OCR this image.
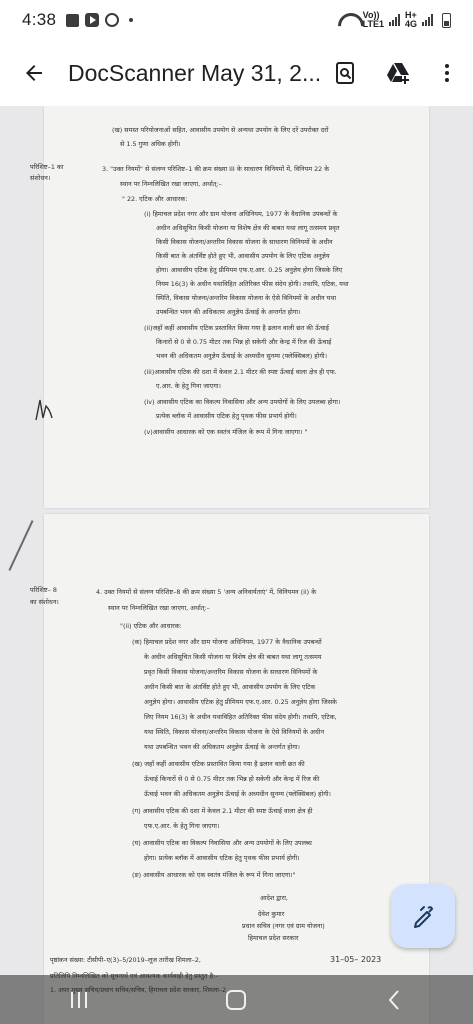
4:38	Vo))
LTE1
H+
4G
DocScanner May 31, 2...
(ख) समस्त परियोजनाओं सहित, आवासीय उपयोग से अन्यथा उपयोग के लिए दरें उपरोक्त दरों
से 1.5 गुणा अधिक होगी।
परिशिष्ट–1 का
संशोधन।
3. "उक्त नियमों" से संलग्न परिशिष्ट–1 की क्रम संख्या III के साधारण विनियमों में, विनियम 22 के
स्थान पर निम्नलिखित रखा जाएगा, अर्थात्:–
" 22. एटिक और आधारक:
(i) हिमाचल प्रदेश नगर और ग्राम योजना अधिनियम, 1977 के वैधानिक उपबन्धों के
अधीन अधिसूचित किसी योजना या विशेष क्षेत्र की बाबत यथा लागू तत्समय प्रवृत
किसी विकास योजना/अन्तरिम विकास योजना के साधारण विनियमों के अधीन
किसी बात के अंतर्विष्ट होते हुए भी, आवासीय उपयोग के लिए एटिक अनुज्ञेय
होगा। आवासीय एटिक हेतु प्रीमियम एफ.ए.आर. 0.25 अनुज्ञेय होगा जिसके लिए
नियम 16(3) के अधीन यथाविहित अतिरिक्त फीस संदेय होगी। तथापि, एटिक, यथा
स्थिति, विकास योजना/अन्तरिम विकास योजना के ऐसे विनियमों के अधीन यथा
उपबन्धित भवन की अधिकतम अनुज्ञेय ऊँचाई के अन्तर्गत होगा।
(ii)जहाँ कहीं आवासीय एटिक प्रस्तावित किया गया है ढलान वाली छत की ऊँचाई
किनारों से 0 से 0.75 मीटर तक भिन्न हो सकेगी और केन्द्र में रिज की ऊँचाई
भवन की अधिकतम अनुज्ञेय ऊँचाई के अध्यधीन सुनम्य (फ्लेक्सिबल) होगी।
(iii)आवासीय एटिक की दशा में केवल 2.1 मीटर की स्पष्ट ऊँचाई वाला क्षेत्र ही एफ.
ए.आर. के हेतु गिना जाएगा।
(iv) आवासीय एटिक का विकल्प निवासिया और अन्य उपयोगों के लिए उपलब्ध होगा।
प्रत्येक ब्लॉक में आवासीय एटिक हेतु पृथक फीस प्रभार्य होगी।
(v)आवासीय आधारक को एक स्वतंत्र मंजिल के रूप में गिना जाएगा। "
परिशिष्ट– 8
का संशोधन।
4. उक्त नियमों से संलग्न परिशिष्ट–8 की क्रम संख्या 5 'अन्य अनिवार्यताएं' में, विनियमन (ii) के
स्थान पर निम्नलिखित रखा जाएगा, अर्थात्:–
"(ii) एटिक और आधारक:
(क) हिमाचल प्रदेश नगर और ग्राम योजना अधिनियम, 1977 के वैधानिक उपबन्धों
के अधीन अधिसूचित किसी योजना या विशेष क्षेत्र की बाबत यथा लागू तत्समय
प्रवृत किसी विकास योजना/अन्तरिम विकास योजना के साधारण विनियमों के
अधीन किसी बात के अंतर्विष्ट होते हुए भी, आवासीय उपयोग के लिए एटिक
अनुज्ञेय होगा। आवासीय एटिक हेतु प्रीमियम एफ.ए.आर. 0.25 अनुज्ञेय होगा जिसके
लिए नियम 16(3) के अधीन यथाविहित अतिरिक्त फीस संदेय होगी। तथापि, एटिक,
यथा स्थिति, विकास योजना/अन्तरिम विकास योजना के ऐसे विनियमों के अधीन
यथा उपबन्धित भवन की अधिकतम अनुज्ञेय ऊँचाई के अन्तर्गत होगा।
(ख) जहाँ कहीं आवासीय एटिक प्रस्तावित किया गया है ढलान वाली छत की
ऊँचाई किनारों से 0 से 0.75 मीटर तक भिन्न हो सकेगी और केन्द्र में रिज की
ऊँचाई भवन की अधिकतम अनुज्ञेय ऊँचाई के अध्यधीन सुनम्य (फ्लेक्सिबल) होगी।
(ग) आवासीय एटिक की दशा में केवल 2.1 मीटर की स्पष्ट ऊँचाई वाला क्षेत्र ही
एफ.ए.आर. के हेतु गिना जाएगा।
(घ) आवासीय एटिक का विकल्प निवासिया और अन्य उपयोगों के लिए उपलब्ध
होगा। प्रत्येक ब्लॉक में आवासीय एटिक हेतु पृथक फीस प्रभार्य होगी।
(ङ) आवासीय आधारक को एक स्वतंत्र मंजिल के रूप में गिना जाएगा।"
आदेश द्वारा,
देवेश कुमार
प्रधान सचिव (नगर एवं ग्राम योजना)
हिमाचल प्रदेश सरकार
पृष्ठांकन संख्या: टीसीपी–ए(3)–5/2019–लूज तारीख शिमला–2,	31–05– 2023
